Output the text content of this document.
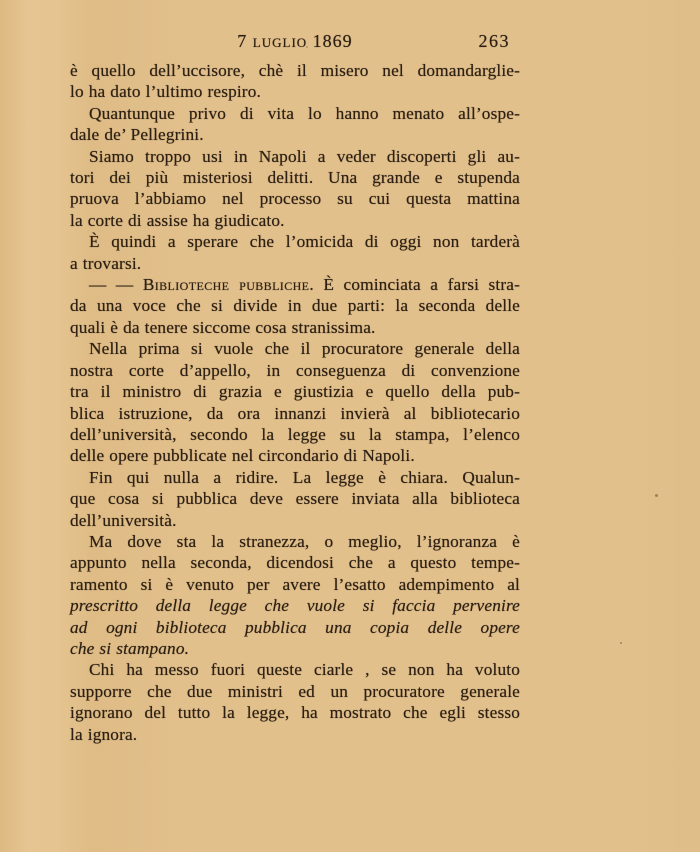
7 luglio 1869	263
è quello dell’uccisore, chè il misero nel domandarglie-
lo ha dato l’ultimo respiro.
Quantunque privo di vita lo hanno menato all’ospe-
dale de’ Pellegrini.
Siamo troppo usi in Napoli a veder discoperti gli au-
tori dei più misteriosi delitti. Una grande e stupenda
pruova l’abbiamo nel processo su cui questa mattina
la corte di assise ha giudicato.
È quindi a sperare che l’omicida di oggi non tarderà
a trovarsi.
— — Biblioteche pubbliche. È cominciata a farsi stra-
da una voce che si divide in due parti: la seconda delle
quali è da tenere siccome cosa stranissima.
Nella prima si vuole che il procuratore generale della
nostra corte d’appello, in conseguenza di convenzione
tra il ministro di grazia e giustizia e quello della pub-
blica istruzione, da ora innanzi invierà al bibliotecario
dell’università, secondo la legge su la stampa, l’elenco
delle opere pubblicate nel circondario di Napoli.
Fin qui nulla a ridire. La legge è chiara. Qualun-
que cosa si pubblica deve essere inviata alla biblioteca
dell’università.
Ma dove sta la stranezza, o meglio, l’ignoranza è
appunto nella seconda, dicendosi che a questo tempe-
ramento si è venuto per avere l’esatto adempimento al
prescritto della legge che vuole si faccia pervenire
ad ogni biblioteca pubblica una copia delle opere
che si stampano.
Chi ha messo fuori queste ciarle , se non ha voluto
supporre che due ministri ed un procuratore generale
ignorano del tutto la legge, ha mostrato che egli stesso
la ignora.
